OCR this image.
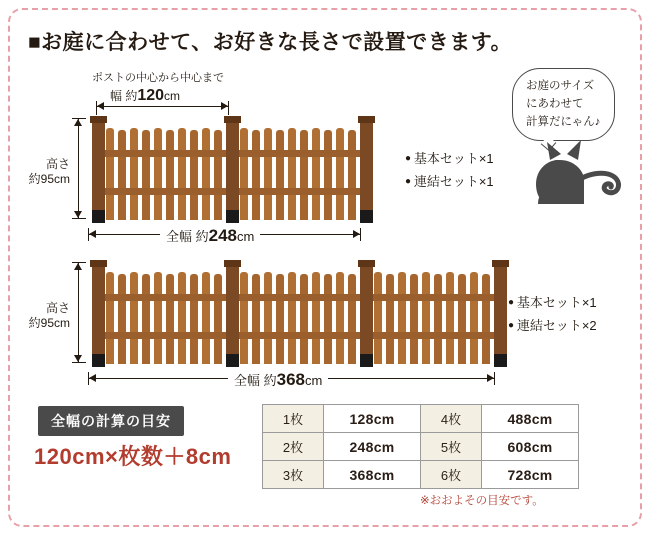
■お庭に合わせて、お好きな長さで設置できます。
ポストの中心から中心まで
幅 約120cm
高さ
約95cm
全幅 約248cm
● 基本セット×1
● 連結セット×1
お庭のサイズ
にあわせて
計算だにゃん♪
高さ
約95cm
全幅 約368cm
● 基本セット×1
● 連結セット×2
全幅の計算の目安
120cm×枚数＋8cm
1枚	128cm	4枚	488cm
2枚	248cm	5枚	608cm
3枚	368cm	6枚	728cm
※おおよその目安です。
